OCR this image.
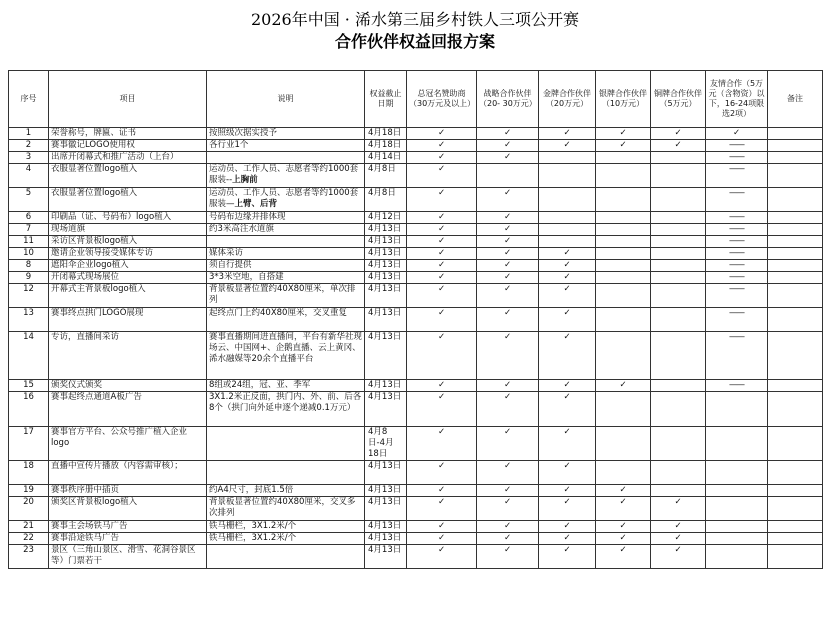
2026年中国 · 浠水第三届乡村铁人三项公开赛
合作伙伴权益回报方案
序号	项目	说明	权益截止日期	总冠名赞助商（30万元及以上）	战略合作伙伴（20- 30万元）	金牌合作伙伴（20万元）	银牌合作伙伴（10万元）	铜牌合作伙伴（5万元）	友情合作（5万元（含物资）以下，16-24项限选2项）	备注
1	荣誉称号，牌匾、证书	按照级次据实授予	4月18日	✓	✓	✓	✓	✓	✓	
2	赛事徽记LOGO使用权	各行业1个	4月18日	✓	✓	✓	✓	✓	——	
3	出席开闭幕式和推广活动（上台）		4月14日	✓	✓				——	
4	衣服显著位置logo植入	运动员、工作人员、志愿者等约1000套服装--上胸前	4月8日	✓					——	
5	衣服显著位置logo植入	运动员、工作人员、志愿者等约1000套服装—上臂、后背	4月8日	✓	✓				——	
6	印刷品（证、号码布）logo植入	号码布边缘并排体现	4月12日	✓	✓				——	
7	现场道旗	约3米高注水道旗	4月13日	✓	✓				——	
11	采访区背景板logo植入		4月13日	✓	✓				——	
10	邀请企业领导接受媒体专访	媒体采访	4月13日	✓	✓	✓			——	
8	遮阳伞企业logo植入	须自行提供	4月13日	✓	✓	✓			——	
9	开闭幕式现场展位	3*3米空地，自搭建	4月13日	✓	✓	✓			——	
12	开幕式主背景板logo植入	背景板显著位置约40X80厘米，单次排列	4月13日	✓	✓	✓			——	
13	赛事终点拱门LOGO展现	起终点门上约40X80厘米，交叉重复	4月13日	✓	✓	✓			——	
14	专访，直播间采访	赛事直播期间进直播间，平台有新华社现场云、中国网+、企鹅直播、云上黄冈、浠水融媒等20余个直播平台	4月13日	✓	✓	✓			——	
15	颁奖仪式颁奖	8组或24组，冠、亚、季军	4月13日	✓	✓	✓	✓		——	
16	赛事起终点通道A板广告	3X1.2米正反面，拱门内、外、前、后各8个（拱门向外延申逐个递减0.1万元）	4月13日	✓	✓	✓				
17	赛事官方平台、公众号推广植入企业logo		4月8日-4月18日	✓	✓	✓				
18	直播中宣传片播放（内容需审核）；		4月13日	✓	✓	✓				
19	赛事秩序册中插页	约A4尺寸，封底1.5倍	4月13日	✓	✓	✓	✓			
20	颁奖区背景板logo植入	背景板显著位置约40X80厘米，交叉多次排列	4月13日	✓	✓	✓	✓	✓		
21	赛事主会场铁马广告	铁马栅栏，3X1.2米/个	4月13日	✓	✓	✓	✓	✓		
22	赛事沿途铁马广告	铁马栅栏，3X1.2米/个	4月13日	✓	✓	✓	✓	✓		
23	景区（三角山景区、滑雪、花洞谷景区等）门票若干		4月13日	✓	✓	✓	✓	✓		
